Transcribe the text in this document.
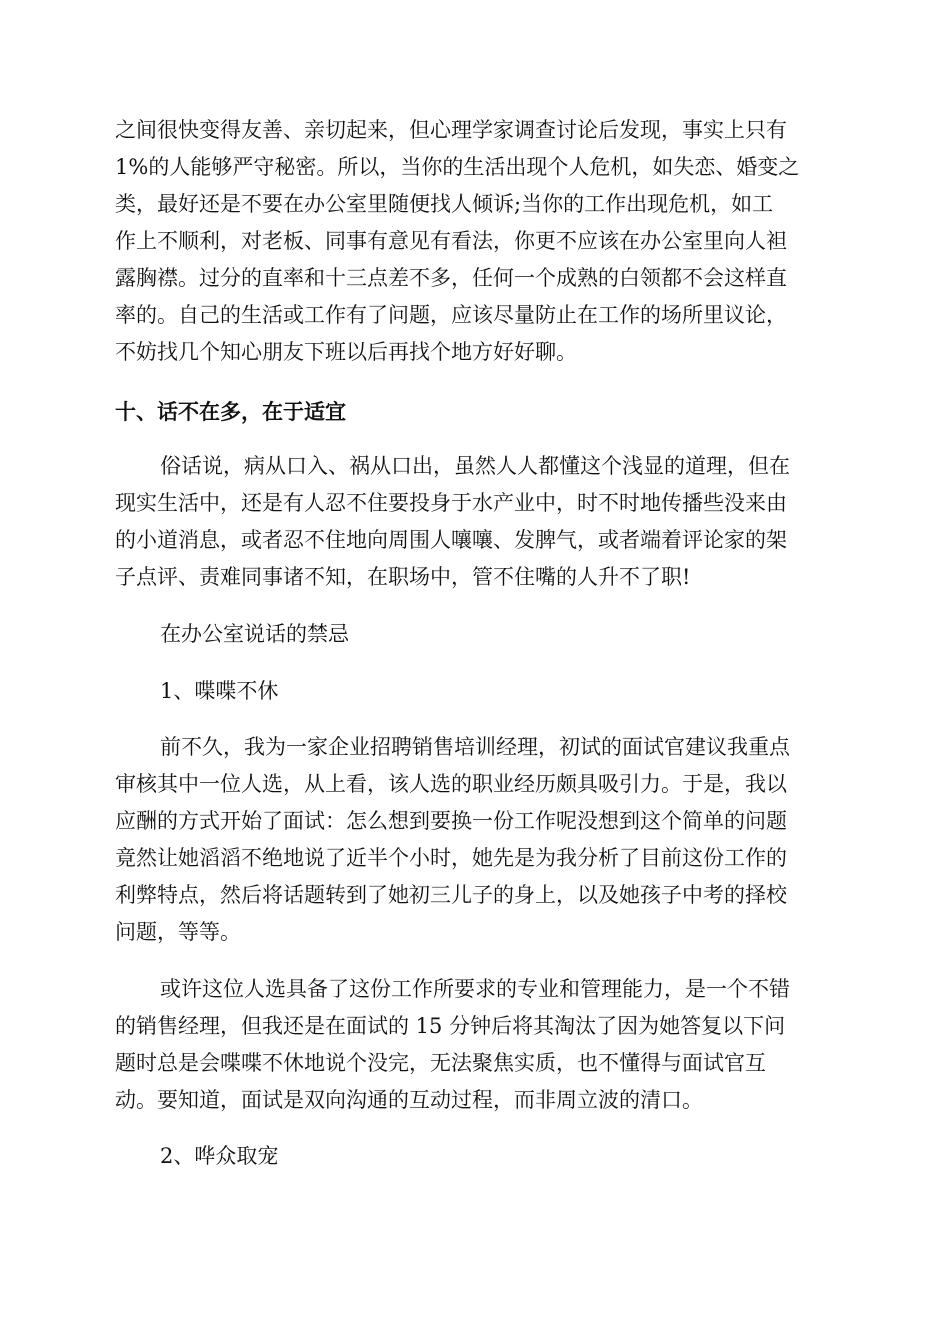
之间很快变得友善、亲切起来，但心理学家调查讨论后发现，事实上只有
1%的人能够严守秘密。所以，当你的生活出现个人危机，如失恋、婚变之
类，最好还是不要在办公室里随便找人倾诉;当你的工作出现危机，如工
作上不顺利，对老板、同事有意见有看法，你更不应该在办公室里向人袒
露胸襟。过分的直率和十三点差不多，任何一个成熟的白领都不会这样直
率的。自己的生活或工作有了问题，应该尽量防止在工作的场所里议论，
不妨找几个知心朋友下班以后再找个地方好好聊。
十、话不在多，在于适宜
俗话说，病从口入、祸从口出，虽然人人都懂这个浅显的道理，但在
现实生活中，还是有人忍不住要投身于水产业中，时不时地传播些没来由
的小道消息，或者忍不住地向周围人嚷嚷、发脾气，或者端着评论家的架
子点评、责难同事诸不知，在职场中，管不住嘴的人升不了职!
在办公室说话的禁忌
1、喋喋不休
前不久，我为一家企业招聘销售培训经理，初试的面试官建议我重点
审核其中一位人选，从上看，该人选的职业经历颇具吸引力。于是，我以
应酬的方式开始了面试：怎么想到要换一份工作呢没想到这个简单的问题
竟然让她滔滔不绝地说了近半个小时，她先是为我分析了目前这份工作的
利弊特点，然后将话题转到了她初三儿子的身上，以及她孩子中考的择校
问题，等等。
或许这位人选具备了这份工作所要求的专业和管理能力，是一个不错
的销售经理，但我还是在面试的 15 分钟后将其淘汰了因为她答复以下问
题时总是会喋喋不休地说个没完，无法聚焦实质，也不懂得与面试官互
动。要知道，面试是双向沟通的互动过程，而非周立波的清口。
2、哗众取宠
